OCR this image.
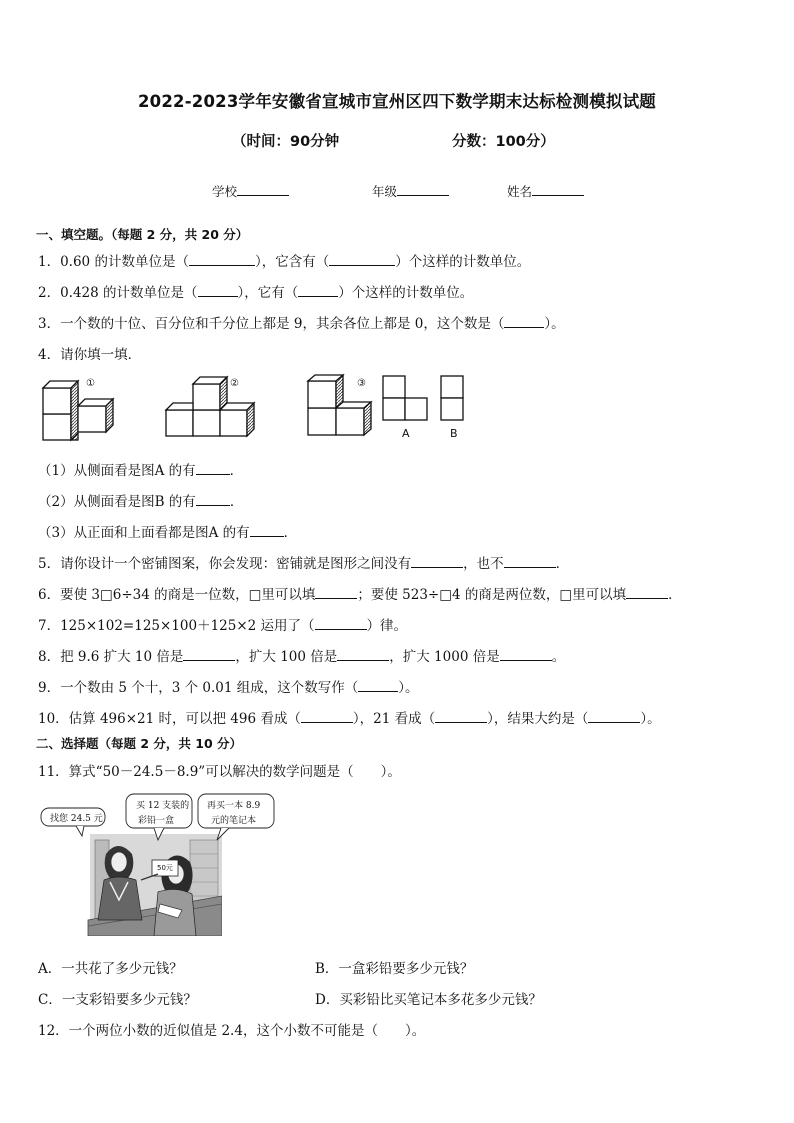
2022-2023学年安徽省宣城市宣州区四下数学期末达标检测模拟试题
（时间：90分钟	分数：100分）
学校	年级	姓名
一、填空题。（每题 2 分，共 20 分）
1．0.60 的计数单位是（	），它含有（	）个这样的计数单位。
2．0.428 的计数单位是（	），它有（	）个这样的计数单位。
3．一个数的十位、百分位和千分位上都是 9，其余各位上都是 0，这个数是（	）。
4．请你填一填．
①	②	③
A	B
（1）从侧面看是图A 的有	．
（2）从侧面看是图B 的有	．
（3）从正面和上面看都是图A 的有	．
5．请你设计一个密铺图案，你会发现：密铺就是图形之间没有	，也不	．
6．要使 3□6÷34 的商是一位数，□里可以填	；要使 523÷□4 的商是两位数，□里可以填	．
7．125×102=125×100＋125×2 运用了（	）律。
8．把 9.6 扩大 10 倍是	，扩大 100 倍是	，扩大 1000 倍是	。
9．一个数由 5 个十，3 个 0.01 组成，这个数写作（	）。
10．估算 496×21 时，可以把 496 看成（	），21 看成（	），结果大约是（	）。
二、选择题（每题 2 分，共 10 分）
11．算式“50－24.5－8.9”可以解决的数学问题是（　　）。
50元
找您 24.5 元
买 12 支装的
彩铅一盒
再买一本 8.9
元的笔记本
A．一共花了多少元钱？	B．一盒彩铅要多少元钱？
C．一支彩铅要多少元钱？	D．买彩铅比买笔记本多花多少元钱？
12．一个两位小数的近似值是 2.4，这个小数不可能是（　　）。
